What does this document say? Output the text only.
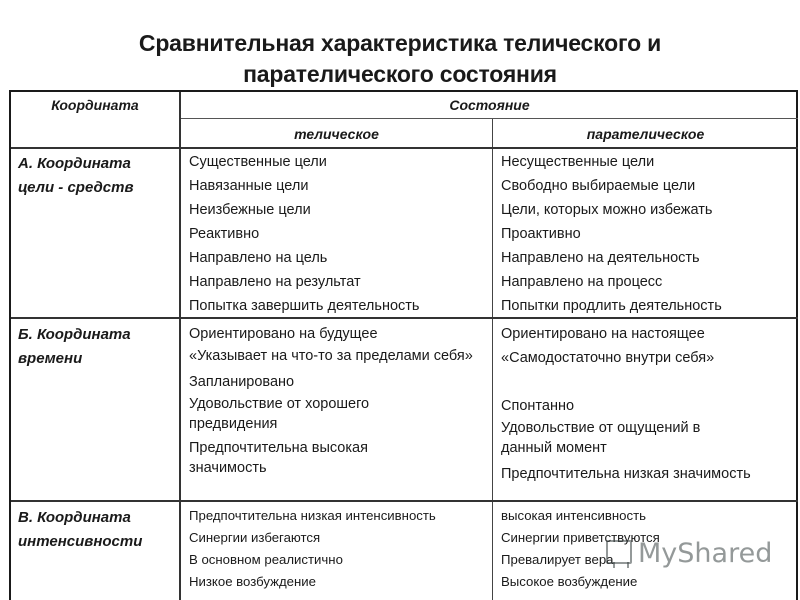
Сравнительная характеристика телического и
парателического состояния
Координата	Состояние
телическое	парателическое
А. Координата
цели - средств
Существенные цели
Навязанные цели
Неизбежные цели
Реактивно
Направлено на цель
Направлено на результат
Попытка завершить деятельность
Несущественные цели
Свободно выбираемые цели
Цели, которых можно избежать
Проактивно
Направлено на деятельность
Направлено на процесс
Попытки продлить деятельность
Б. Координата
времени
Ориентировано на будущее
«Указывает на что-то за пределами себя»
Запланировано
Удовольствие от хорошего предвидения
Предпочтительна высокая значимость
Ориентировано на настоящее
«Самодостаточно внутри себя»
Спонтанно
Удовольствие от ощущений в данный момент
Предпочтительна низкая значимость
В. Координата
интенсивности
Предпочтительна низкая интенсивность
Синергии избегаются
В основном реалистично
Низкое возбуждение
высокая интенсивность
Синергии приветствуются
Превалирует вера
Высокое возбуждение
MyShared
